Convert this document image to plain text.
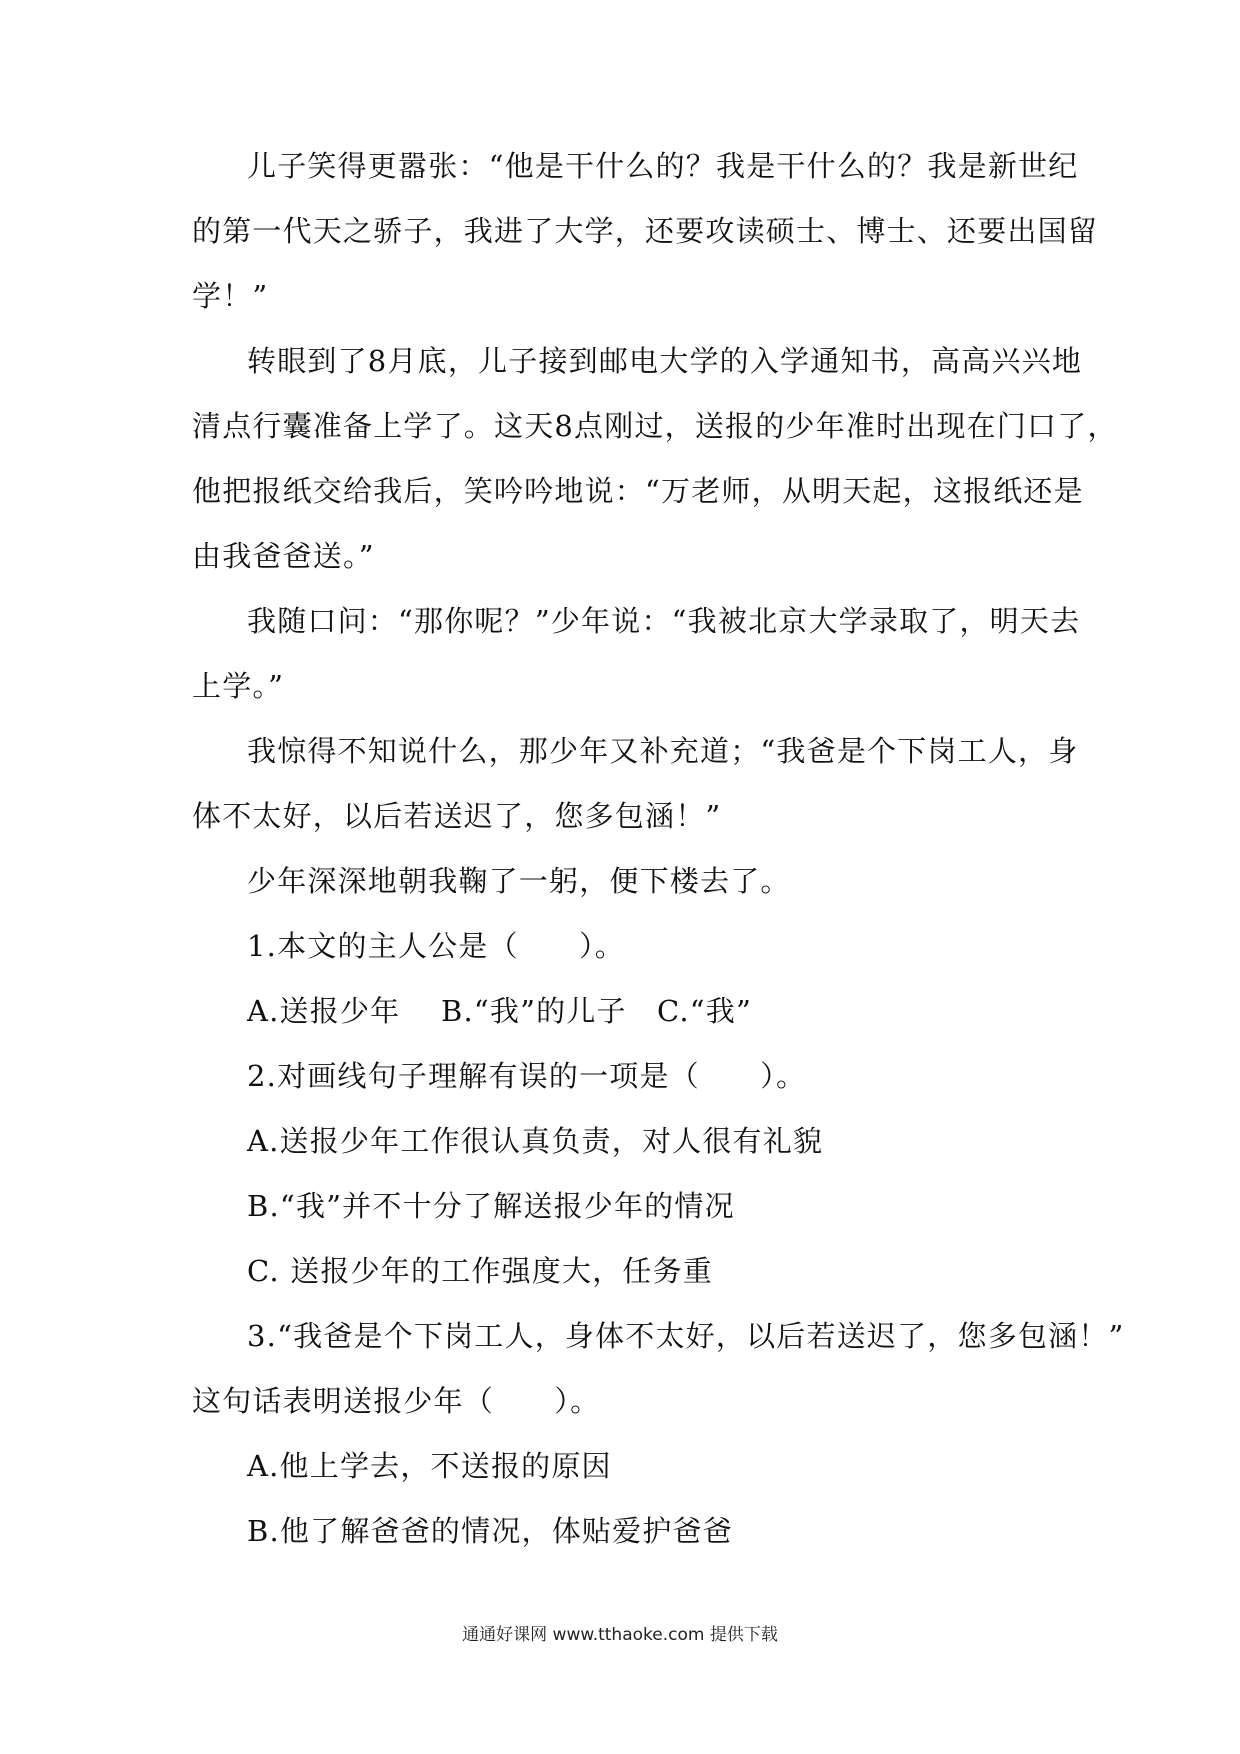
儿子笑得更嚣张：“他是干什么的？我是干什么的？我是新世纪
的第一代天之骄子，我进了大学，还要攻读硕士、博士、还要出国留
学！”
转眼到了8月底，儿子接到邮电大学的入学通知书，高高兴兴地
清点行囊准备上学了。这天8点刚过，送报的少年准时出现在门口了，
他把报纸交给我后，笑吟吟地说：“万老师，从明天起，这报纸还是
由我爸爸送。”
我随口问：“那你呢？”少年说：“我被北京大学录取了，明天去
上学。”
我惊得不知说什么，那少年又补充道；“我爸是个下岗工人，身
体不太好，以后若送迟了，您多包涵！”
少年深深地朝我鞠了一躬，便下楼去了。
1.本文的主人公是（　　）。
A.送报少年　 B.“我”的儿子　C.“我”
2.对画线句子理解有误的一项是（　　）。
A.送报少年工作很认真负责，对人很有礼貌
B.“我”并不十分了解送报少年的情况
C. 送报少年的工作强度大，任务重
3.“我爸是个下岗工人，身体不太好，以后若送迟了，您多包涵！”
这句话表明送报少年（　　）。
A.他上学去，不送报的原因
B.他了解爸爸的情况，体贴爱护爸爸
通通好课网 www.tthaoke.com 提供下载
